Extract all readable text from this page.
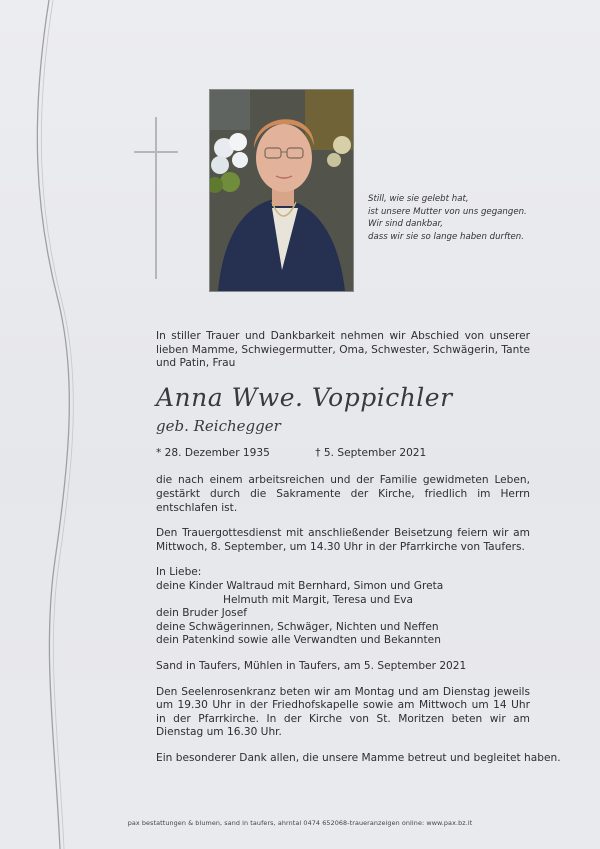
Still, wie sie gelebt hat,
ist unsere Mutter von uns gegangen.
Wir sind dankbar,
dass wir sie so lange haben durften.
In stiller Trauer und Dankbarkeit nehmen wir Abschied von unserer lieben Mamme, Schwiegermutter, Oma, Schwester, Schwägerin, Tante und Patin, Frau
Anna Wwe. Voppichler
geb. Reichegger
* 28. Dezember 1935	† 5. September 2021
die nach einem arbeitsreichen und der Familie gewidmeten Leben, gestärkt durch die Sakramente der Kirche, friedlich im Herrn entschlafen ist.
Den Trauergottesdienst mit anschließender Beisetzung feiern wir am Mittwoch, 8. September, um 14.30 Uhr in der Pfarrkirche von Taufers.
In Liebe:
deine Kinder Waltraud mit Bernhard, Simon und Greta
Helmuth mit Margit, Teresa und Eva
dein Bruder Josef
deine Schwägerinnen, Schwäger, Nichten und Neffen
dein Patenkind sowie alle Verwandten und Bekannten
Sand in Taufers, Mühlen in Taufers, am 5. September 2021
Den Seelenrosenkranz beten wir am Montag und am Dienstag jeweils um 19.30 Uhr in der Friedhofskapelle sowie am Mittwoch um 14 Uhr in der Pfarrkirche. In der Kirche von St. Moritzen beten wir am Dienstag um 16.30 Uhr.
Ein besonderer Dank allen, die unsere Mamme betreut und begleitet haben.
pax bestattungen & blumen, sand in taufers, ahrntal 0474 652068-traueranzeigen online: www.pax.bz.it
